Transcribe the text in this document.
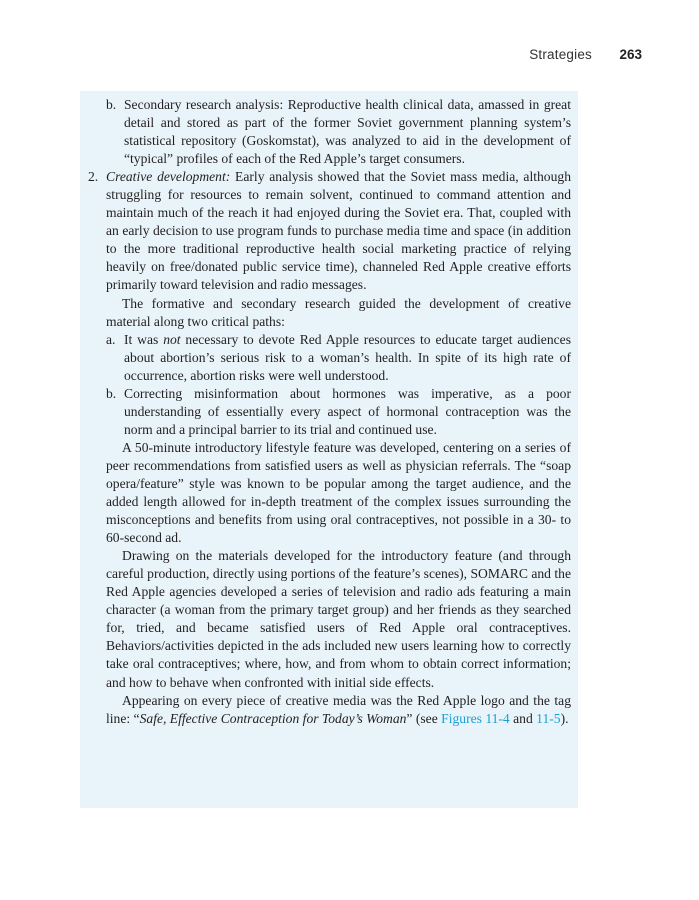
Strategies 263

b. Secondary research analysis: Reproductive health clinical data, amassed in great detail and stored as part of the former Soviet government planning system’s statistical repository (Goskomstat), was analyzed to aid in the development of “typical” profiles of each of the Red Apple’s target consumers.

2. Creative development: Early analysis showed that the Soviet mass media, although struggling for resources to remain solvent, continued to command attention and maintain much of the reach it had enjoyed during the Soviet era. That, coupled with an early decision to use program funds to purchase media time and space (in addition to the more traditional reproductive health social marketing practice of relying heavily on free/donated public service time), channeled Red Apple creative efforts primarily toward television and radio messages.

The formative and secondary research guided the development of creative material along two critical paths:

a. It was not necessary to devote Red Apple resources to educate target audiences about abortion’s serious risk to a woman’s health. In spite of its high rate of occurrence, abortion risks were well understood.

b. Correcting misinformation about hormones was imperative, as a poor understanding of essentially every aspect of hormonal contraception was the norm and a principal barrier to its trial and continued use.

A 50-minute introductory lifestyle feature was developed, centering on a series of peer recommendations from satisfied users as well as physician referrals. The “soap opera/feature” style was known to be popular among the target audience, and the added length allowed for in-depth treatment of the complex issues surrounding the misconceptions and benefits from using oral contraceptives, not possible in a 30- to 60-second ad.

Drawing on the materials developed for the introductory feature (and through careful production, directly using portions of the feature’s scenes), SOMARC and the Red Apple agencies developed a series of television and radio ads featuring a main character (a woman from the primary target group) and her friends as they searched for, tried, and became satisfied users of Red Apple oral contraceptives. Behaviors/activities depicted in the ads included new users learning how to correctly take oral contraceptives; where, how, and from whom to obtain correct information; and how to behave when confronted with initial side effects.

Appearing on every piece of creative media was the Red Apple logo and the tag line: “Safe, Effective Contraception for Today’s Woman” (see Figures 11-4 and 11-5).
